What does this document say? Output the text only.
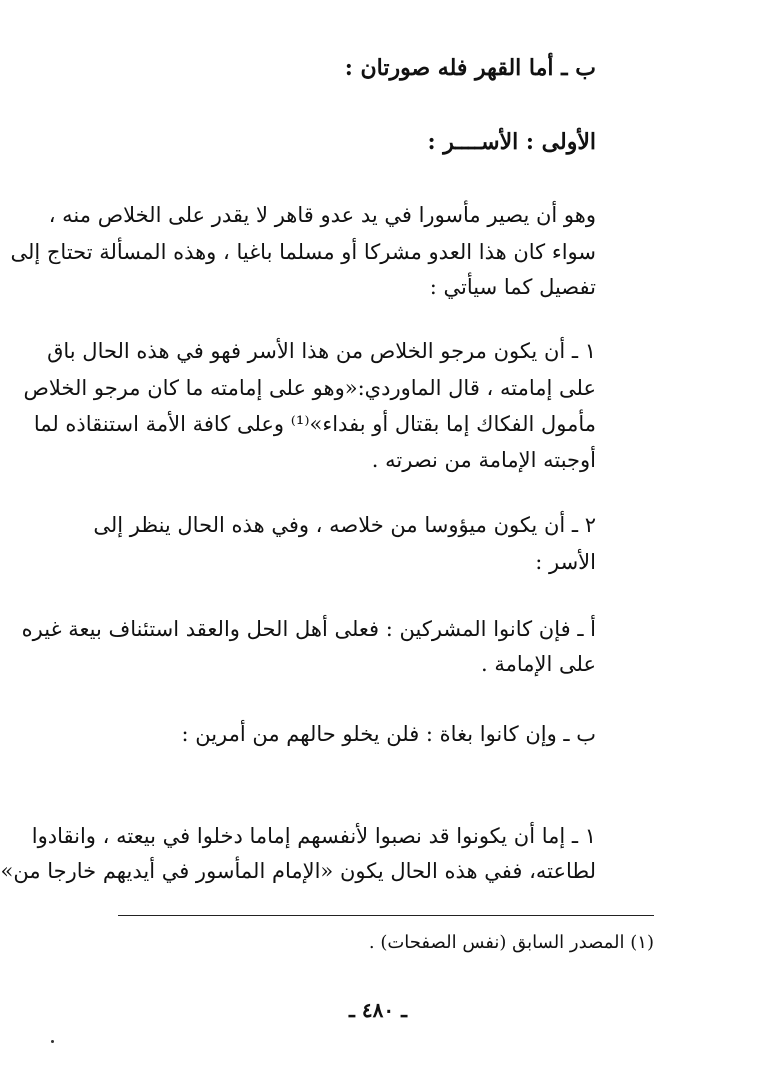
ب ـ أما القهر فله صورتان :
الأولى : الأســــر :
وهو أن يصير مأسورا في يد عدو قاهر لا يقدر على الخلاص منه ،
سواء كان هذا العدو مشركا أو مسلما باغيا ، وهذه المسألة تحتاج إلى
تفصيل كما سيأتي :
١ ـ أن يكون مرجو الخلاص من هذا الأسر فهو في هذه الحال باق
على إمامته ، قال الماوردي:«وهو على إمامته ما كان مرجو الخلاص
مأمول الفكاك إما بقتال أو بفداء»⁽¹⁾ وعلى كافة الأمة استنقاذه لما
أوجبته الإمامة من نصرته .
٢ ـ أن يكون ميؤوسا من خلاصه ، وفي هذه الحال ينظر إلى
الأسر :
أ ـ فإن كانوا المشركين : فعلى أهل الحل والعقد استئناف بيعة غيره
على الإمامة .
ب ـ وإن كانوا بغاة : فلن يخلو حالهم من أمرين :
١ ـ إما أن يكونوا قد نصبوا لأنفسهم إماما دخلوا في بيعته ، وانقادوا
لطاعته، ففي هذه الحال يكون «الإمام المأسور في أيديهم خارجا من»
(١) المصدر السابق (نفس الصفحات) .
ـ ٤٨٠ ـ
